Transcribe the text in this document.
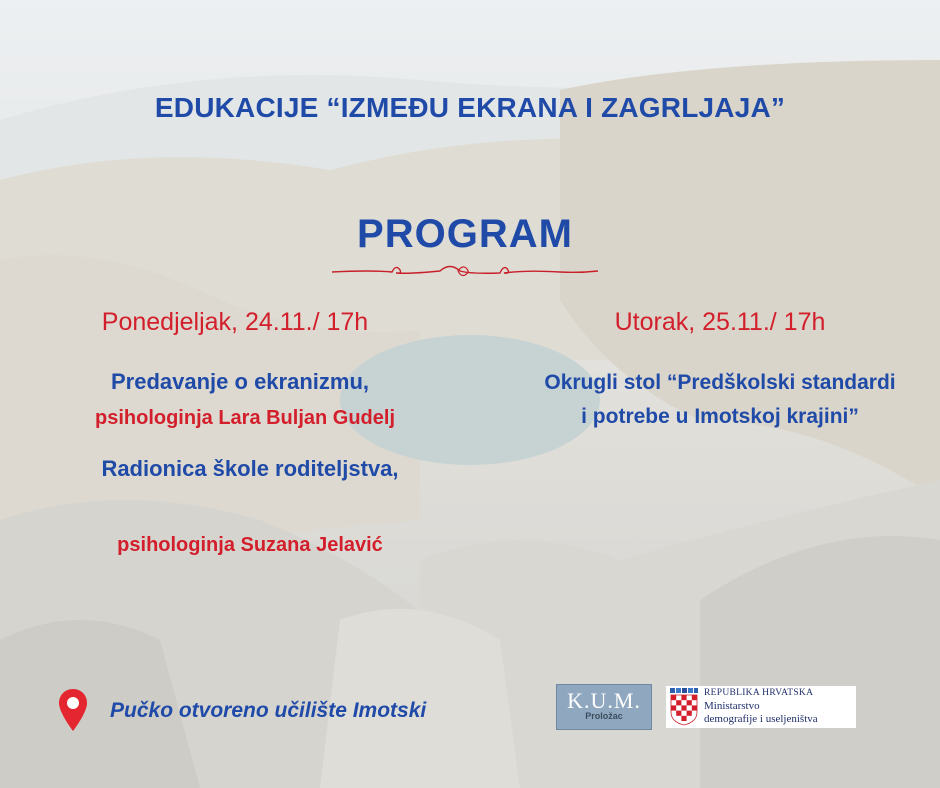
EDUKACIJE “IZMEĐU EKRANA I ZAGRLJAJA”
PROGRAM
Ponedjeljak, 24.11./ 17h	Utorak, 25.11./ 17h
Predavanje o ekranizmu,
psihologinja Lara Buljan Gudelj
Radionica škole roditeljstva,
psihologinja Suzana Jelavić
Okrugli stol “Predškolski standardi i potrebe u Imotskoj krajini”
Pučko otvoreno učilište Imotski	K.U.M.
Proložac
REPUBLIKA HRVATSKA
Ministarstvo
demografije i useljeništva
